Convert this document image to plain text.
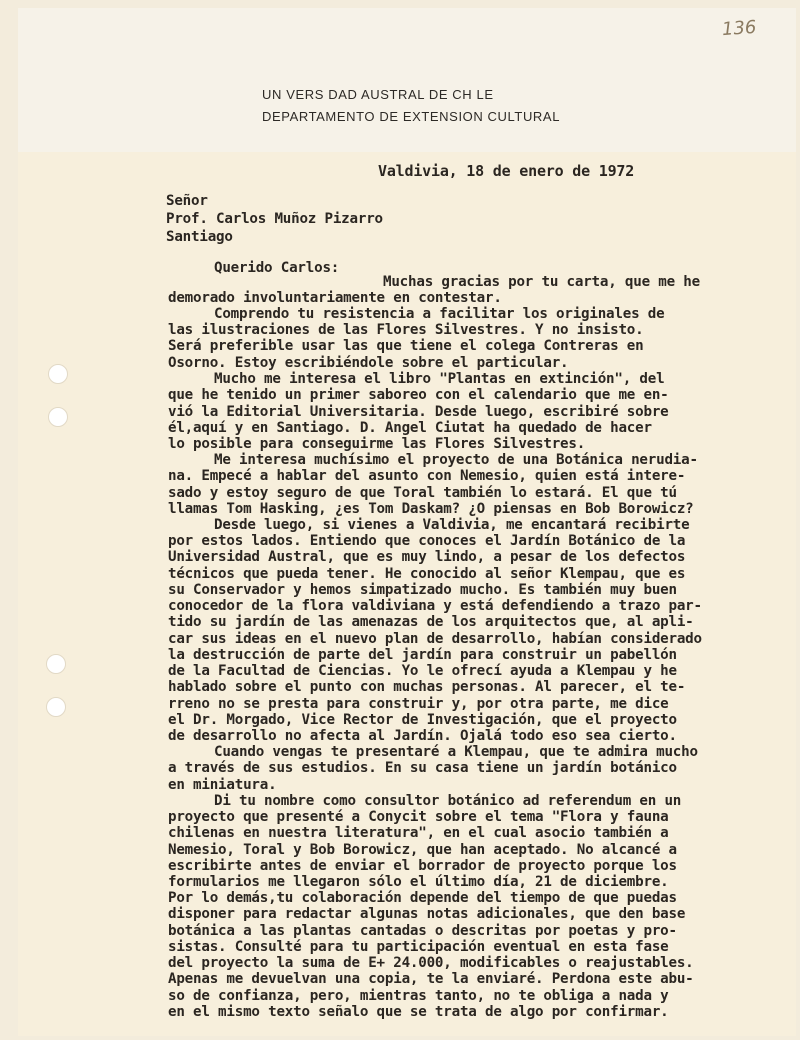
136
UN VERS DAD AUSTRAL DE CH LE
DEPARTAMENTO DE EXTENSION CULTURAL
Valdivia, 18 de enero de 1972
Señor
Prof. Carlos Muñoz Pizarro
Santiago
Querido Carlos:
Muchas gracias por tu carta, que me he
demorado involuntariamente en contestar.
Comprendo tu resistencia a facilitar los originales de
las ilustraciones de las Flores Silvestres. Y no insisto.
Será preferible usar las que tiene el colega Contreras en
Osorno. Estoy escribiéndole sobre el particular.
Mucho me interesa el libro "Plantas en extinción", del
que he tenido un primer saboreo con el calendario que me en-
vió la Editorial Universitaria. Desde luego, escribiré sobre
él,aquí y en Santiago. D. Angel Ciutat ha quedado de hacer
lo posible para conseguirme las Flores Silvestres.
Me interesa muchísimo el proyecto de una Botánica nerudia-
na. Empecé a hablar del asunto con Nemesio, quien está intere-
sado y estoy seguro de que Toral también lo estará. El que tú
llamas Tom Hasking, ¿es Tom Daskam? ¿O piensas en Bob Borowicz?
Desde luego, si vienes a Valdivia, me encantará recibirte
por estos lados. Entiendo que conoces el Jardín Botánico de la
Universidad Austral, que es muy lindo, a pesar de los defectos
técnicos que pueda tener. He conocido al señor Klempau, que es
su Conservador y hemos simpatizado mucho. Es también muy buen
conocedor de la flora valdiviana y está defendiendo a trazo par-
tido su jardín de las amenazas de los arquitectos que, al apli-
car sus ideas en el nuevo plan de desarrollo, habían considerado
la destrucción de parte del jardín para construir un pabellón
de la Facultad de Ciencias. Yo le ofrecí ayuda a Klempau y he
hablado sobre el punto con muchas personas. Al parecer, el te-
rreno no se presta para construir y, por otra parte, me dice
el Dr. Morgado, Vice Rector de Investigación, que el proyecto
de desarrollo no afecta al Jardín. Ojalá todo eso sea cierto.
Cuando vengas te presentaré a Klempau, que te admira mucho
a través de sus estudios. En su casa tiene un jardín botánico
en miniatura.
Di tu nombre como consultor botánico ad referendum en un
proyecto que presenté a Conycit sobre el tema "Flora y fauna
chilenas en nuestra literatura", en el cual asocio también a
Nemesio, Toral y Bob Borowicz, que han aceptado. No alcancé a
escribirte antes de enviar el borrador de proyecto porque los
formularios me llegaron sólo el último día, 21 de diciembre.
Por lo demás,tu colaboración depende del tiempo de que puedas
disponer para redactar algunas notas adicionales, que den base
botánica a las plantas cantadas o descritas por poetas y pro-
sistas. Consulté para tu participación eventual en esta fase
del proyecto la suma de E+ 24.000, modificables o reajustables.
Apenas me devuelvan una copia, te la enviaré. Perdona este abu-
so de confianza, pero, mientras tanto, no te obliga a nada y
en el mismo texto señalo que se trata de algo por confirmar.
